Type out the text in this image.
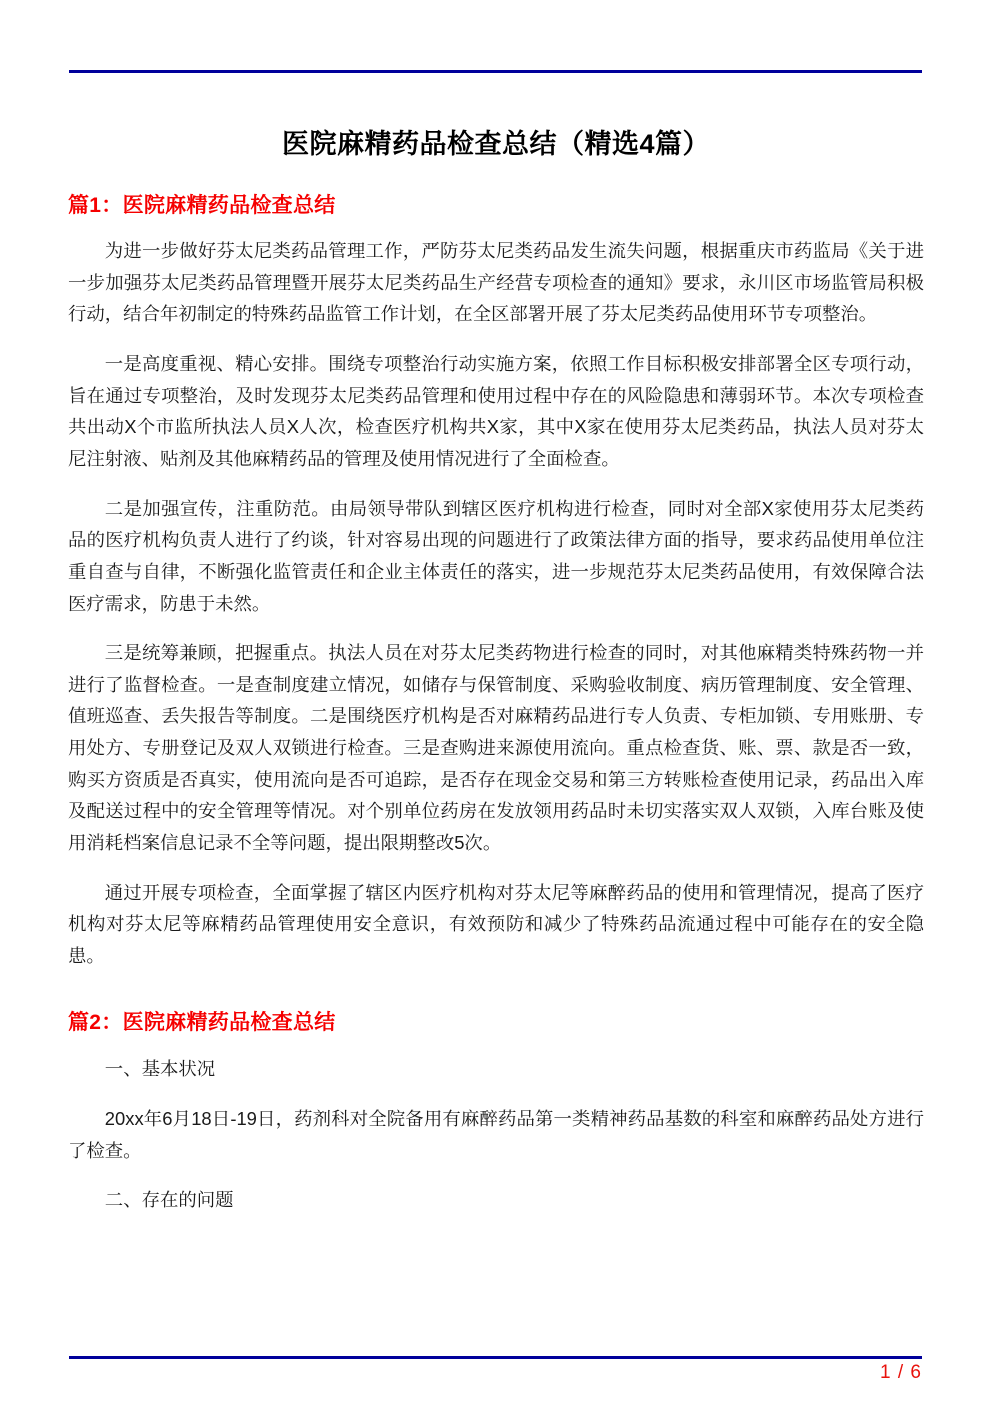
医院麻精药品检查总结（精选4篇）
篇1：医院麻精药品检查总结

为进一步做好芬太尼类药品管理工作，严防芬太尼类药品发生流失问题，根据重庆市药监局《关于进一步加强芬太尼类药品管理暨开展芬太尼类药品生产经营专项检查的通知》要求，永川区市场监管局积极行动，结合年初制定的特殊药品监管工作计划，在全区部署开展了芬太尼类药品使用环节专项整治。

一是高度重视、精心安排。围绕专项整治行动实施方案，依照工作目标积极安排部署全区专项行动，旨在通过专项整治，及时发现芬太尼类药品管理和使用过程中存在的风险隐患和薄弱环节。本次专项检查共出动X个市监所执法人员X人次，检查医疗机构共X家，其中X家在使用芬太尼类药品，执法人员对芬太尼注射液、贴剂及其他麻精药品的管理及使用情况进行了全面检查。

二是加强宣传，注重防范。由局领导带队到辖区医疗机构进行检查，同时对全部X家使用芬太尼类药品的医疗机构负责人进行了约谈，针对容易出现的问题进行了政策法律方面的指导，要求药品使用单位注重自查与自律，不断强化监管责任和企业主体责任的落实，进一步规范芬太尼类药品使用，有效保障合法医疗需求，防患于未然。

三是统筹兼顾，把握重点。执法人员在对芬太尼类药物进行检查的同时，对其他麻精类特殊药物一并进行了监督检查。一是查制度建立情况，如储存与保管制度、采购验收制度、病历管理制度、安全管理、值班巡查、丢失报告等制度。二是围绕医疗机构是否对麻精药品进行专人负责、专柜加锁、专用账册、专用处方、专册登记及双人双锁进行检查。三是查购进来源使用流向。重点检查货、账、票、款是否一致，购买方资质是否真实，使用流向是否可追踪，是否存在现金交易和第三方转账检查使用记录，药品出入库及配送过程中的安全管理等情况。对个别单位药房在发放领用药品时未切实落实双人双锁，入库台账及使用消耗档案信息记录不全等问题，提出限期整改5次。

通过开展专项检查，全面掌握了辖区内医疗机构对芬太尼等麻醉药品的使用和管理情况，提高了医疗机构对芬太尼等麻精药品管理使用安全意识，有效预防和减少了特殊药品流通过程中可能存在的安全隐患。

篇2：医院麻精药品检查总结

一、基本状况

20xx年6月18日-19日，药剂科对全院备用有麻醉药品第一类精神药品基数的科室和麻醉药品处方进行了检查。

二、存在的问题

1 / 6
